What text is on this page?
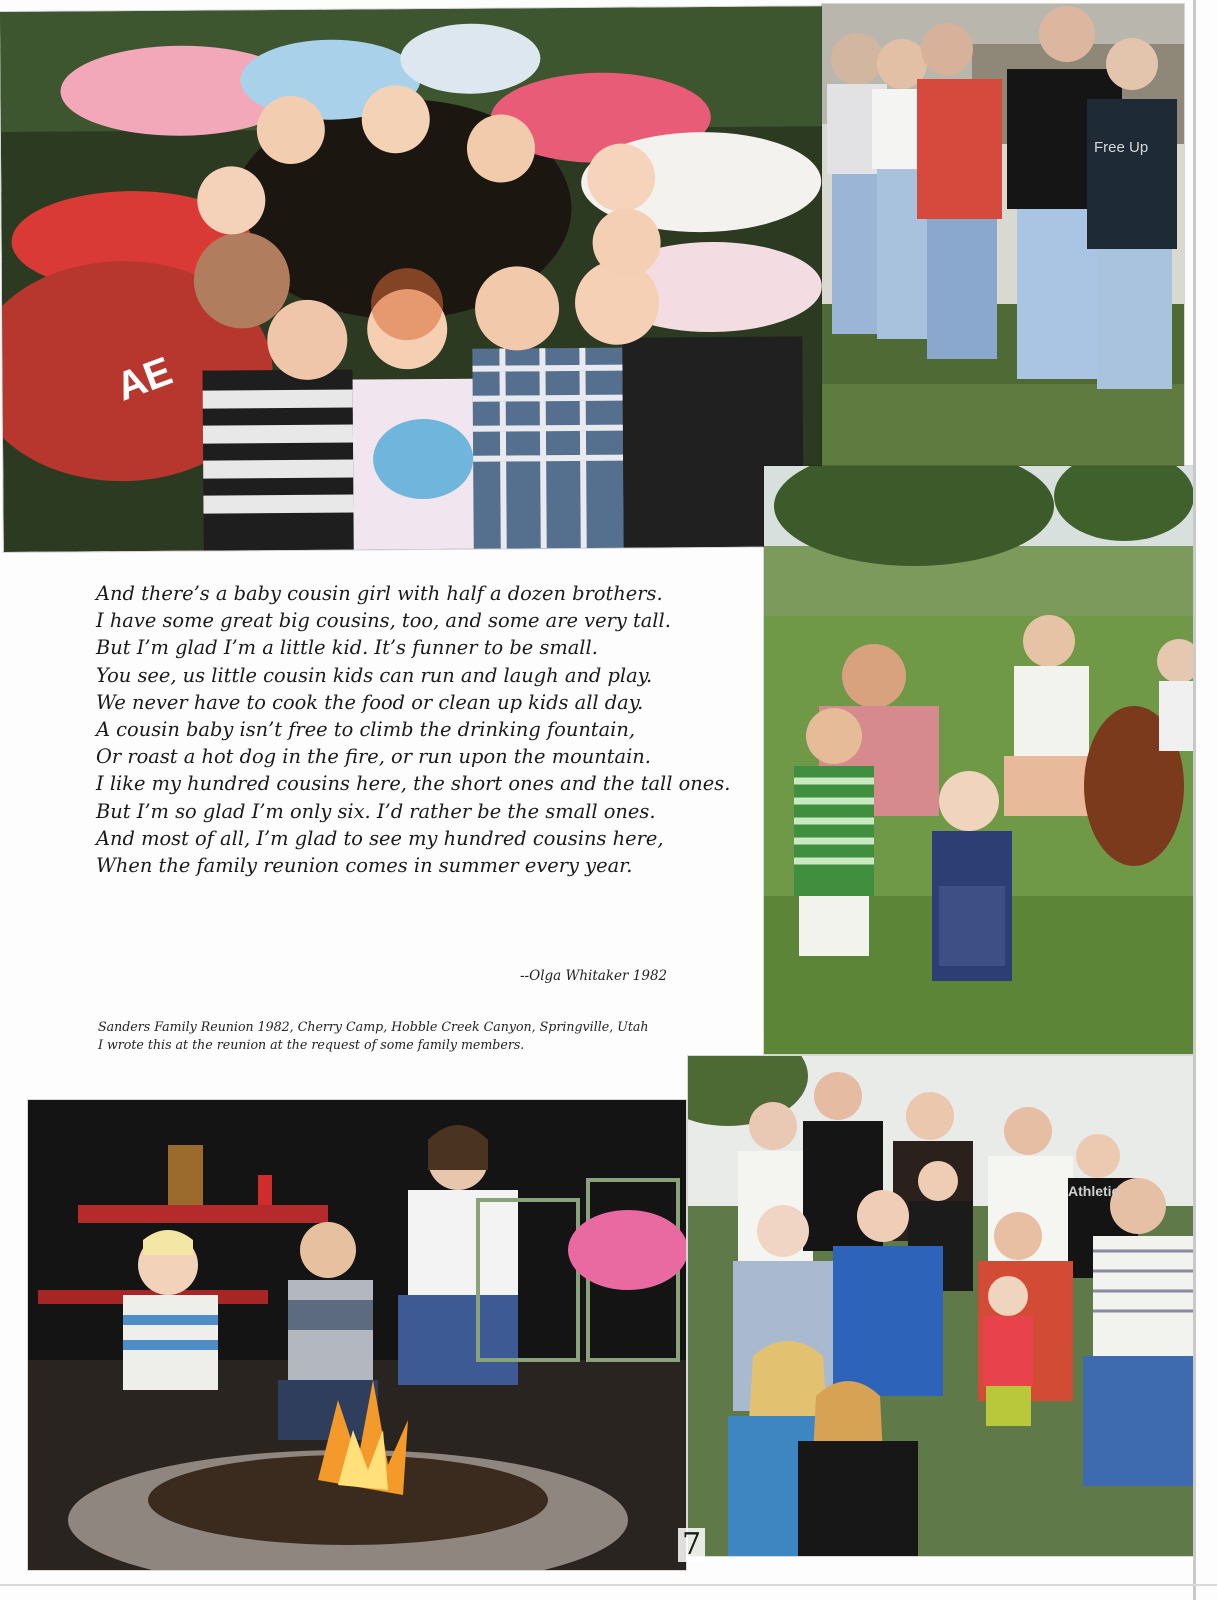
AE
Free Up
Athletic
And there’s a baby cousin girl with half a dozen brothers.
I have some great big cousins, too, and some are very tall.
But I’m glad I’m a little kid. It’s funner to be small.
You see, us little cousin kids can run and laugh and play.
We never have to cook the food or clean up kids all day.
A cousin baby isn’t free to climb the drinking fountain,
Or roast a hot dog in the fire, or run upon the mountain.
I like my hundred cousins here, the short ones and the tall ones.
But I’m so glad I’m only six. I’d rather be the small ones.
And most of all, I’m glad to see my hundred cousins here,
When the family reunion comes in summer every year.
--Olga Whitaker 1982
Sanders Family Reunion 1982, Cherry Camp, Hobble Creek Canyon, Springville, Utah
I wrote this at the reunion at the request of some family members.
7
